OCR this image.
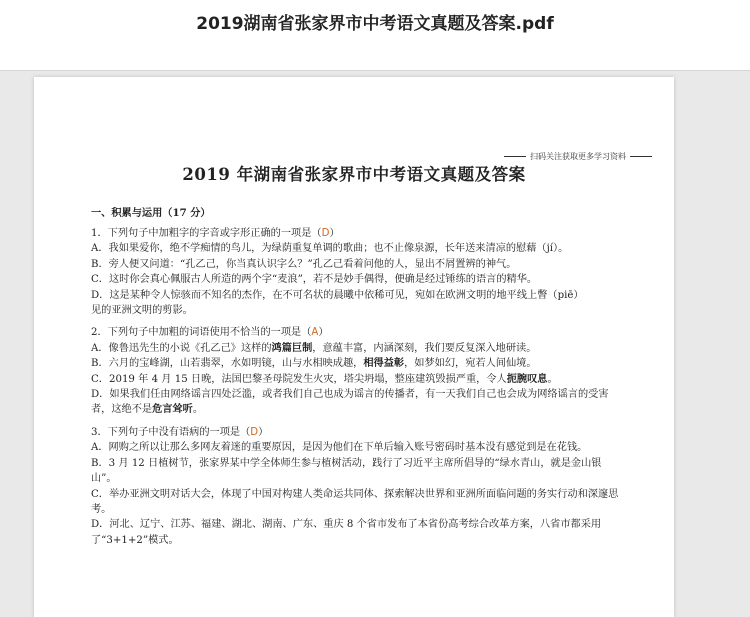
2019湖南省张家界市中考语文真题及答案.pdf
扫码关注获取更多学习资料
2019 年湖南省张家界市中考语文真题及答案
一、积累与运用（17 分）
1．下列句子中加粗字的字音或字形正确的一项是（D）
A．我如果爱你，绝不学痴情的鸟儿，为绿荫重复单调的歌曲；也不止像泉源，长年送来清凉的慰藉（jí）。
B．旁人便又问道：“孔乙己，你当真认识字么？”孔乙己看着问他的人，显出不屑置辨的神气。
C．这时你会真心佩服古人所造的两个字“麦浪”，若不是妙手偶得，便确是经过锤练的语言的精华。
D．这是某种令人惊骇而不知名的杰作，在不可名状的晨曦中依稀可见，宛如在欧洲文明的地平线上瞥（piē）
见的亚洲文明的剪影。
2．下列句子中加粗的词语使用不恰当的一项是（A）
A．像鲁迅先生的小说《孔乙己》这样的鸿篇巨制，意蕴丰富，内涵深刻，我们要反复深入地研读。
B．六月的宝峰湖，山若翡翠，水如明镜，山与水相映成趣，相得益彰，如梦如幻，宛若人间仙境。
C．2019 年 4 月 15 日晚，法国巴黎圣母院发生火灾，塔尖坍塌，整座建筑毁损严重，令人扼腕叹息。
D．如果我们任由网络谣言四处泛滥，或者我们自己也成为谣言的传播者，有一天我们自己也会成为网络谣言的受害者，这绝不是危言耸听。
3．下列句子中没有语病的一项是（D）
A．网购之所以让那么多网友着迷的重要原因，是因为他们在下单后输入账号密码时基本没有感觉到是在花钱。
B．3 月 12 日植树节，张家界某中学全体师生参与植树活动，践行了习近平主席所倡导的“绿水青山，就是金山银山”。
C．举办亚洲文明对话大会，体现了中国对构建人类命运共同体、探索解决世界和亚洲所面临问题的务实行动和深邃思考。
D．河北、辽宁、江苏、福建、湖北、湖南、广东、重庆 8 个省市发布了本省份高考综合改革方案，八省市都采用了“3+1+2”模式。
